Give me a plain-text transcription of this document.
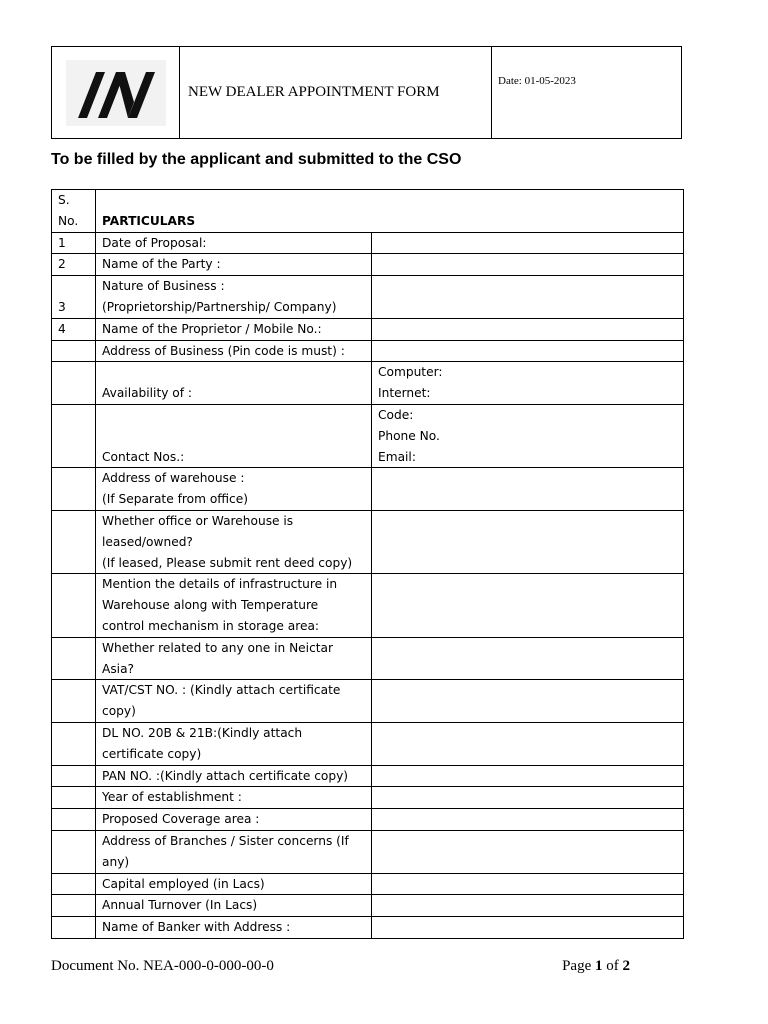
NEW DEALER APPOINTMENT FORM
Date: 01-05-2023
To be filled by the applicant and submitted to the CSO
S. No.	PARTICULARS	
1	Date of Proposal:	

2	Name of the Party :	

3	Nature of Business :
(Proprietorship/Partnership/ Company)	

4	Name of the Proprietor / Mobile No.:	

	Address of Business (Pin code is must) :	

	Availability of :	Computer:
Internet:

	Contact Nos.:	Code:
Phone No.
Email:

	Address of warehouse :
(If Separate from office)	

	Whether office or Warehouse is
leased/owned?
(If leased, Please submit rent deed copy)	

	Mention the details of infrastructure in
Warehouse along with Temperature
control mechanism in storage area:	

	Whether related to any one in Neictar
Asia?	

	VAT/CST NO. : (Kindly attach certificate
copy)	

	DL NO. 20B & 21B:(Kindly attach
certificate copy)	

	PAN NO. :(Kindly attach certificate copy)	

	Year of establishment :	

	Proposed Coverage area :	

	Address of Branches / Sister concerns (If
any)	

	Capital employed (in Lacs)	

	Annual Turnover (In Lacs)	

	Name of Banker with Address :	

Document No. NEA-000-0-000-00-0	Page 1 of 2
